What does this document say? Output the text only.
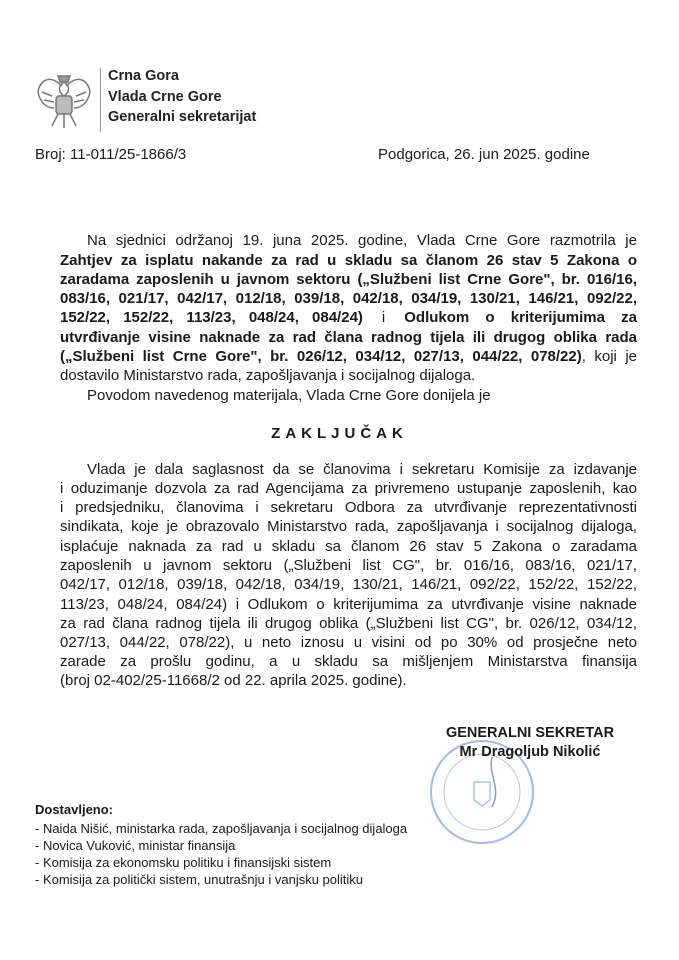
Crna Gora
Vlada Crne Gore
Generalni sekretarijat
Broj: 11-011/25-1866/3	Podgorica, 26. jun 2025. godine
Na sjednici održanoj 19. juna 2025. godine, Vlada Crne Gore razmotrila je
Zahtjev za isplatu nakande za rad u skladu sa članom 26 stav 5 Zakona o
zaradama zaposlenih u javnom sektoru („Službeni list Crne Gore", br. 016/16,
083/16, 021/17, 042/17, 012/18, 039/18, 042/18, 034/19, 130/21, 146/21, 092/22,
152/22, 152/22, 113/23, 048/24, 084/24) i Odlukom o kriterijumima za
utvrđivanje visine naknade za rad člana radnog tijela ili drugog oblika rada
(„Službeni list Crne Gore", br. 026/12, 034/12, 027/13, 044/22, 078/22), koji je
dostavilo Ministarstvo rada, zapošljavanja i socijalnog dijaloga.
Povodom navedenog materijala, Vlada Crne Gore donijela je
ZAKLJUČAK
Vlada je dala saglasnost da se članovima i sekretaru Komisije za izdavanje
i oduzimanje dozvola za rad Agencijama za privremeno ustupanje zaposlenih, kao
i predsjedniku, članovima i sekretaru Odbora za utvrđivanje reprezentativnosti
sindikata, koje je obrazovalo Ministarstvo rada, zapošljavanja i socijalnog dijaloga,
isplaćuje naknada za rad u skladu sa članom 26 stav 5 Zakona o zaradama
zaposlenih u javnom sektoru („Službeni list CG", br. 016/16, 083/16, 021/17,
042/17, 012/18, 039/18, 042/18, 034/19, 130/21, 146/21, 092/22, 152/22, 152/22,
113/23, 048/24, 084/24) i Odlukom o kriterijumima za utvrđivanje visine naknade
za rad člana radnog tijela ili drugog oblika („Službeni list CG", br. 026/12, 034/12,
027/13, 044/22, 078/22), u neto iznosu u visini od po 30% od prosječne neto
zarade za prošlu godinu, a u skladu sa mišljenjem Ministarstva finansija
(broj 02-402/25-11668/2 od 22. aprila 2025. godine).
GENERALNI SEKRETAR
Mr Dragoljub Nikolić
Dostavljeno:
- Naida Nišić, ministarka rada, zapošljavanja i socijalnog dijaloga
- Novica Vuković, ministar finansija
- Komisija za ekonomsku politiku i finansijski sistem
- Komisija za politički sistem, unutrašnju i vanjsku politiku
